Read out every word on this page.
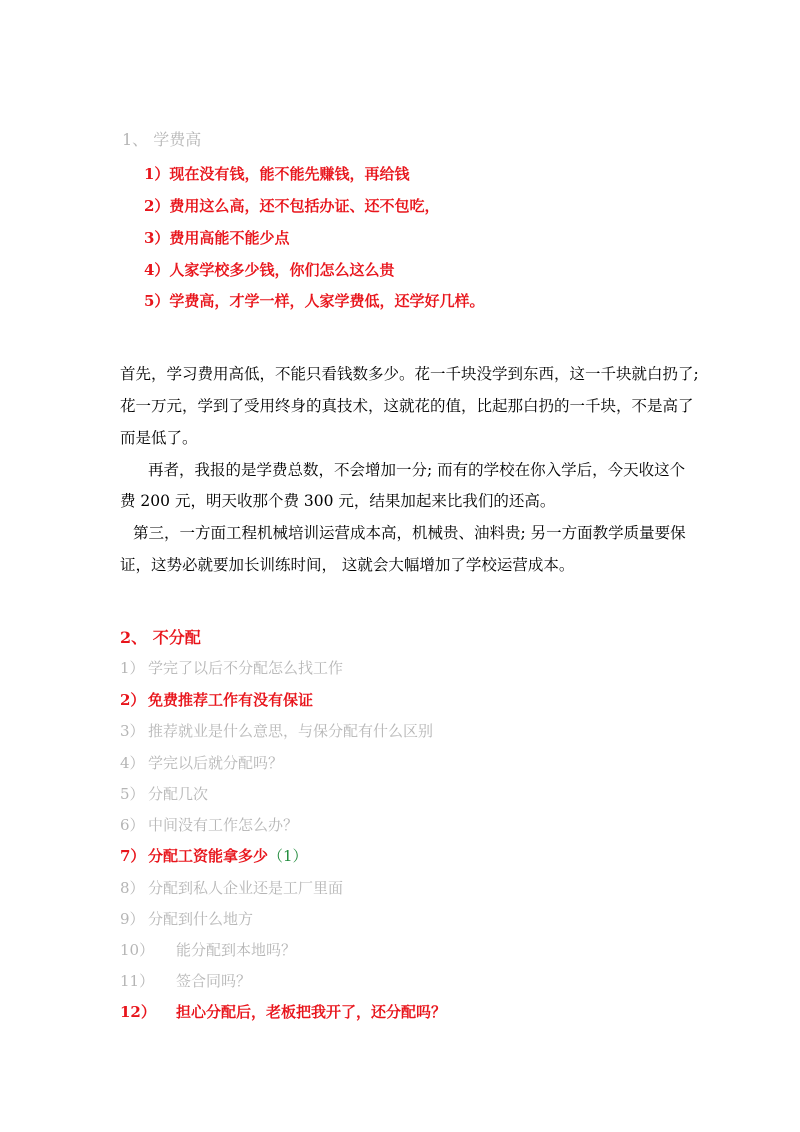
1、 学费高
1）现在没有钱，能不能先赚钱，再给钱
2）费用这么高，还不包括办证、还不包吃，
3）费用高能不能少点
4）人家学校多少钱，你们怎么这么贵
5）学费高，才学一样，人家学费低，还学好几样。
首先，学习费用高低，不能只看钱数多少。花一千块没学到东西，这一千块就白扔了;
花一万元，学到了受用终身的真技术，这就花的值，比起那白扔的一千块，不是高了
而是低了。
再者，我报的是学费总数，不会增加一分; 而有的学校在你入学后，今天收这个
费 200 元，明天收那个费 300 元，结果加起来比我们的还高。
第三，一方面工程机械培训运营成本高，机械贵、油料贵; 另一方面教学质量要保
证，这势必就要加长训练时间， 这就会大幅增加了学校运营成本。
2、 不分配
1） 学完了以后不分配怎么找工作
2） 免费推荐工作有没有保证
3） 推荐就业是什么意思，与保分配有什么区别
4） 学完以后就分配吗？
5） 分配几次
6） 中间没有工作怎么办？
7） 分配工资能拿多少（1）
8） 分配到私人企业还是工厂里面
9） 分配到什么地方
10） 能分配到本地吗？
11） 签合同吗？
12） 担心分配后，老板把我开了，还分配吗？
